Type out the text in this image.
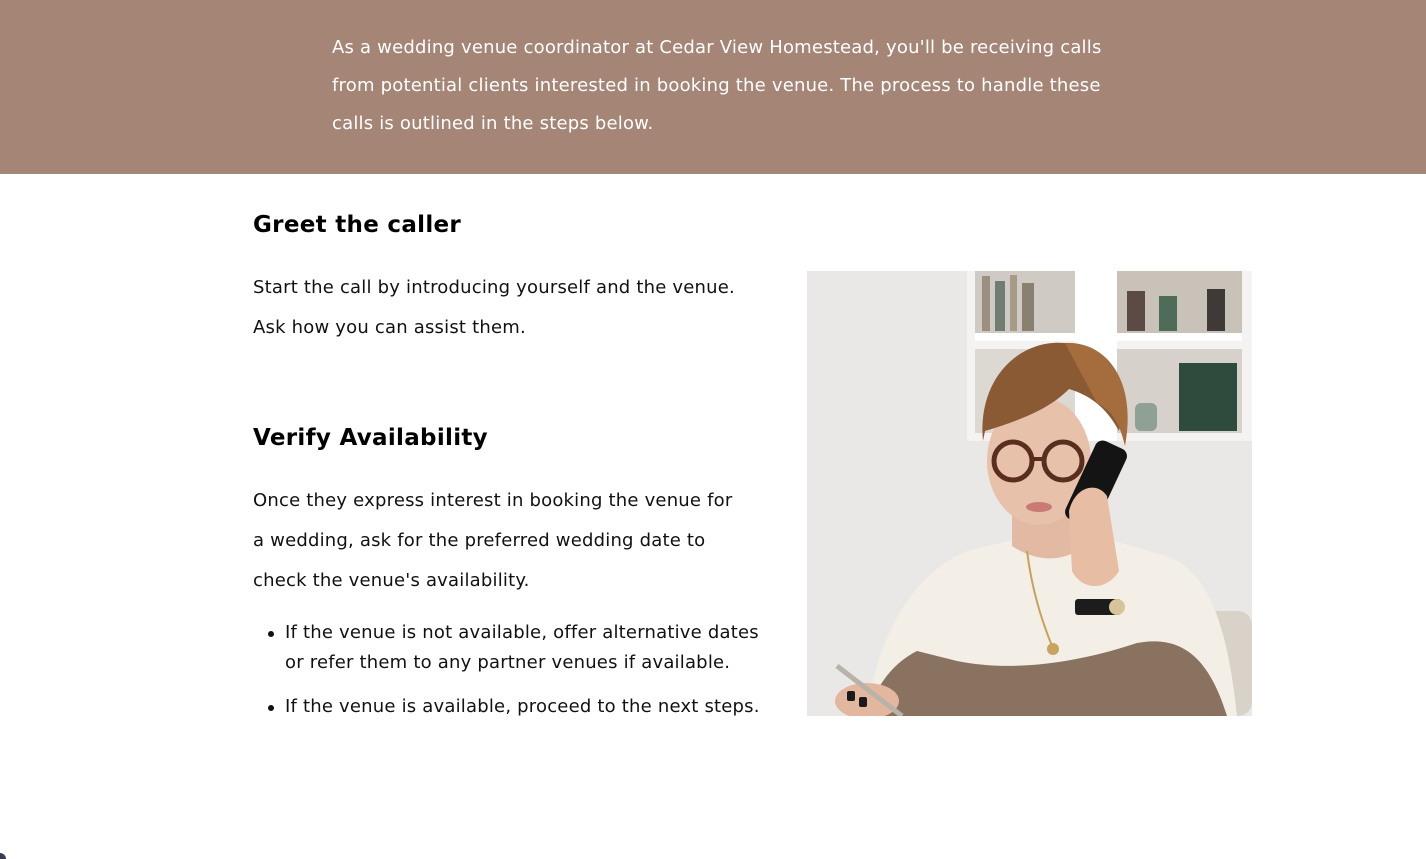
As a wedding venue coordinator at Cedar View Homestead, you'll be receiving calls from potential clients interested in booking the venue. The process to handle these calls is outlined in the steps below.

Greet the caller

Start the call by introducing yourself and the venue. Ask how you can assist them.

Verify Availability

Once they express interest in booking the venue for a wedding, ask for the preferred wedding date to check the venue's availability.

If the venue is not available, offer alternative dates or refer them to any partner venues if available.
If the venue is available, proceed to the next steps.
